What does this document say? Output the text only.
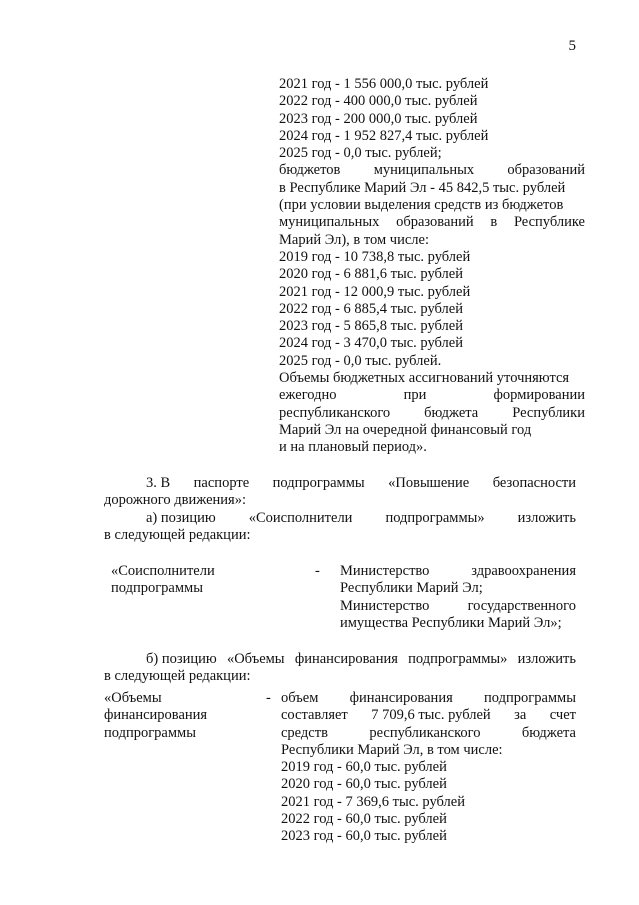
5
2021 год - 1 556 000,0 тыс. рублей
2022 год - 400 000,0 тыс. рублей
2023 год - 200 000,0 тыс. рублей
2024 год - 1 952 827,4 тыс. рублей
2025 год - 0,0 тыс. рублей;
бюджетов муниципальных образований
в Республике Марий Эл - 45 842,5 тыс. рублей
(при условии выделения средств из бюджетов
муниципальных образований в Республике
Марий Эл), в том числе:
2019 год - 10 738,8 тыс. рублей
2020 год - 6 881,6 тыс. рублей
2021 год - 12 000,9 тыс. рублей
2022 год - 6 885,4 тыс. рублей
2023 год - 5 865,8 тыс. рублей
2024 год - 3 470,0 тыс. рублей
2025 год - 0,0 тыс. рублей.
Объемы бюджетных ассигнований уточняются
ежегодно	при	формировании
республиканского бюджета Республики
Марий Эл на очередной финансовый год
и на плановый период».
3. В паспорте подпрограммы «Повышение безопасности
дорожного движения»:
а) позицию «Соисполнители подпрограммы» изложить
в следующей редакции:
«Соисполнители
подпрограммы
- Министерство	здравоохранения
Республики Марий Эл;
Министерство	государственного
имущества Республики Марий Эл»;
б) позицию «Объемы финансирования подпрограммы» изложить
в следующей редакции:
«Объемы
финансирования
подпрограммы
- объем финансирования подпрограммы
составляет 7 709,6 тыс. рублей за счет
средств	республиканского	бюджета
Республики Марий Эл, в том числе:
2019 год - 60,0 тыс. рублей
2020 год - 60,0 тыс. рублей
2021 год - 7 369,6 тыс. рублей
2022 год - 60,0 тыс. рублей
2023 год - 60,0 тыс. рублей
